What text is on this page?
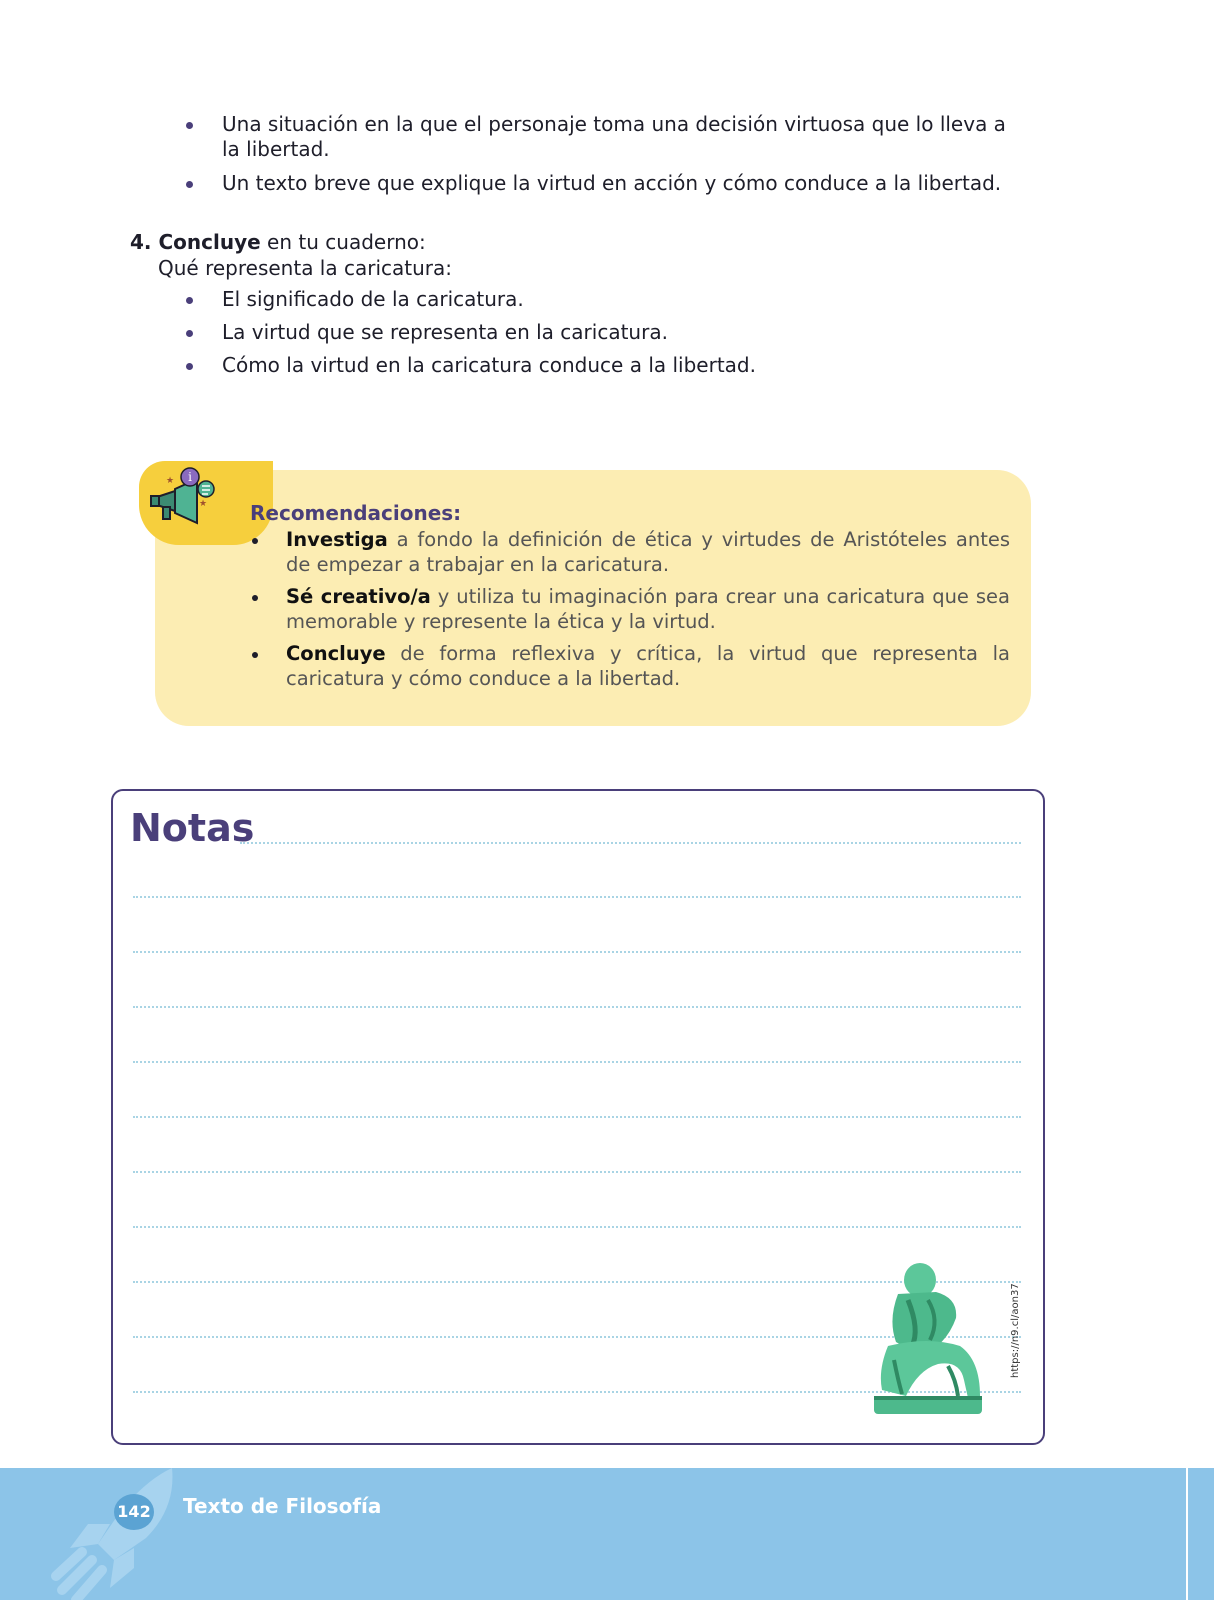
Una situación en la que el personaje toma una decisión virtuosa que lo lleva a la libertad.
Un texto breve que explique la virtud en acción y cómo conduce a la libertad.
4. Concluye en tu cuaderno:
Qué representa la caricatura:
El significado de la caricatura.
La virtud que se representa en la caricatura.
Cómo la virtud en la caricatura conduce a la libertad.
i
★
★ Recomendaciones:
Investiga a fondo la definición de ética y virtudes de Aristóteles antes de empezar a trabajar en la caricatura.
Sé creativo/a y utiliza tu imaginación para crear una caricatura que sea memorable y represente la ética y la virtud.
Concluye de forma reflexiva y crítica, la virtud que representa la caricatura y cómo conduce a la libertad.
Notas
https://n9.cl/aon37
142 Texto de Filosofía
